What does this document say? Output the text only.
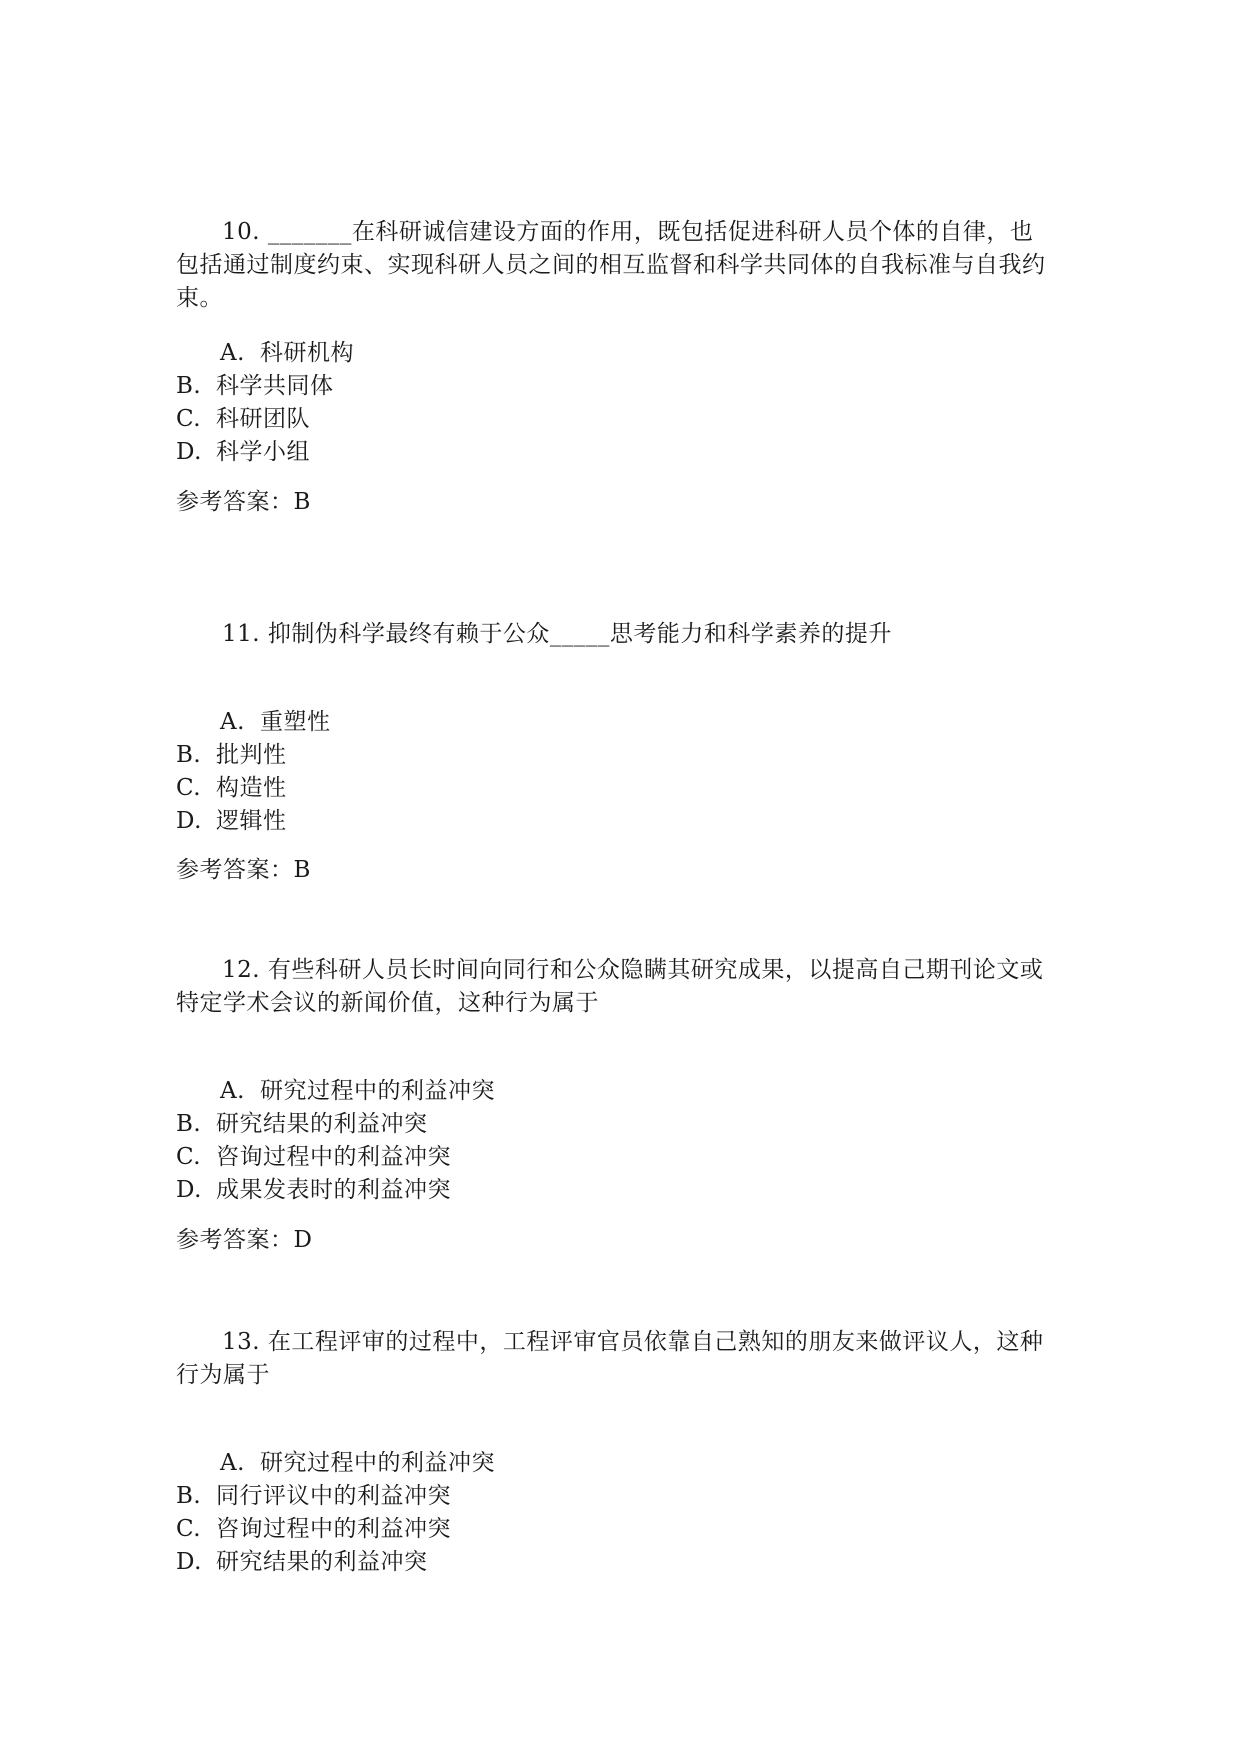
10. _______在科研诚信建设方面的作用，既包括促进科研人员个体的自律，也包括通过制度约束、实现科研人员之间的相互监督和科学共同体的自我标准与自我约束。

A. 科研机构
B. 科学共同体
C. 科研团队
D. 科学小组
参考答案：B

11. 抑制伪科学最终有赖于公众_____思考能力和科学素养的提升

A. 重塑性
B. 批判性
C. 构造性
D. 逻辑性
参考答案：B

12. 有些科研人员长时间向同行和公众隐瞒其研究成果，以提高自己期刊论文或特定学术会议的新闻价值，这种行为属于

A. 研究过程中的利益冲突
B. 研究结果的利益冲突
C. 咨询过程中的利益冲突
D. 成果发表时的利益冲突
参考答案：D

13. 在工程评审的过程中，工程评审官员依靠自己熟知的朋友来做评议人，这种行为属于

A. 研究过程中的利益冲突
B. 同行评议中的利益冲突
C. 咨询过程中的利益冲突
D. 研究结果的利益冲突
